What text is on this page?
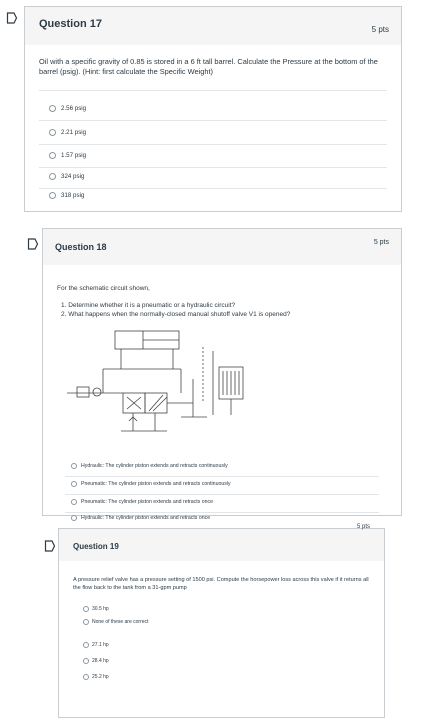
Question 17	5 pts
Oil with a specific gravity of 0.85 is stored in a 6 ft tall barrel. Calculate the Pressure at the bottom of the barrel (psig). (Hint: first calculate the Specific Weight)
2.56 psig
2.21 psig
1.57 psig
324 psig
318 psig
Question 18	5 pts
For the schematic circuit shown,
1. Determine whether it is a pneumatic or a hydraulic circuit?
2. What happens when the normally-closed manual shutoff valve V1 is opened?
Hydraulic: The cylinder piston extends and retracts continuously
Pneumatic: The cylinder piston extends and retracts continuously
Pneumatic: The cylinder piston extends and retracts once
Hydraulic: The cylinder piston extends and retracts once
Question 19
5 pts
A pressure relief valve has a pressure setting of 1500 psi. Compute the horsepower loss across this valve if it returns all the flow back to the tank from a 31-gpm pump
30.5 hp
None of these are correct
27.1 hp
28.4 hp
25.2 hp
